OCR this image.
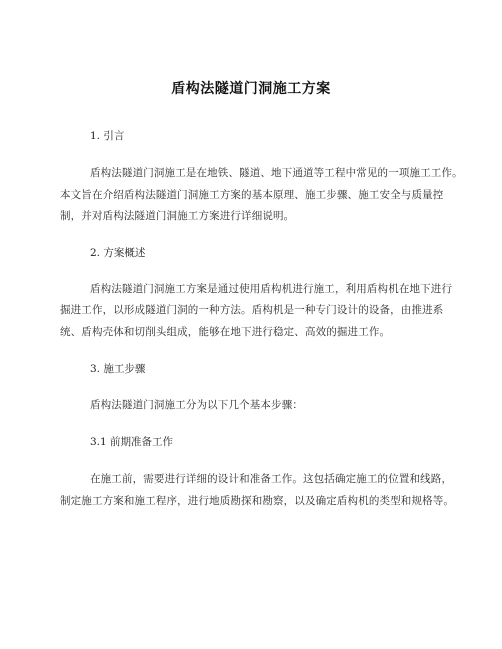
盾构法隧道门洞施工方案
1. 引言
盾构法隧道门洞施工是在地铁、隧道、地下通道等工程中常见的一项施工工作。
本文旨在介绍盾构法隧道门洞施工方案的基本原理、施工步骤、施工安全与质量控
制，并对盾构法隧道门洞施工方案进行详细说明。
2. 方案概述
盾构法隧道门洞施工方案是通过使用盾构机进行施工，利用盾构机在地下进行
掘进工作，以形成隧道门洞的一种方法。盾构机是一种专门设计的设备，由推进系
统、盾构壳体和切削头组成，能够在地下进行稳定、高效的掘进工作。
3. 施工步骤
盾构法隧道门洞施工分为以下几个基本步骤：
3.1 前期准备工作
在施工前，需要进行详细的设计和准备工作。这包括确定施工的位置和线路，
制定施工方案和施工程序，进行地质勘探和勘察，以及确定盾构机的类型和规格等。
